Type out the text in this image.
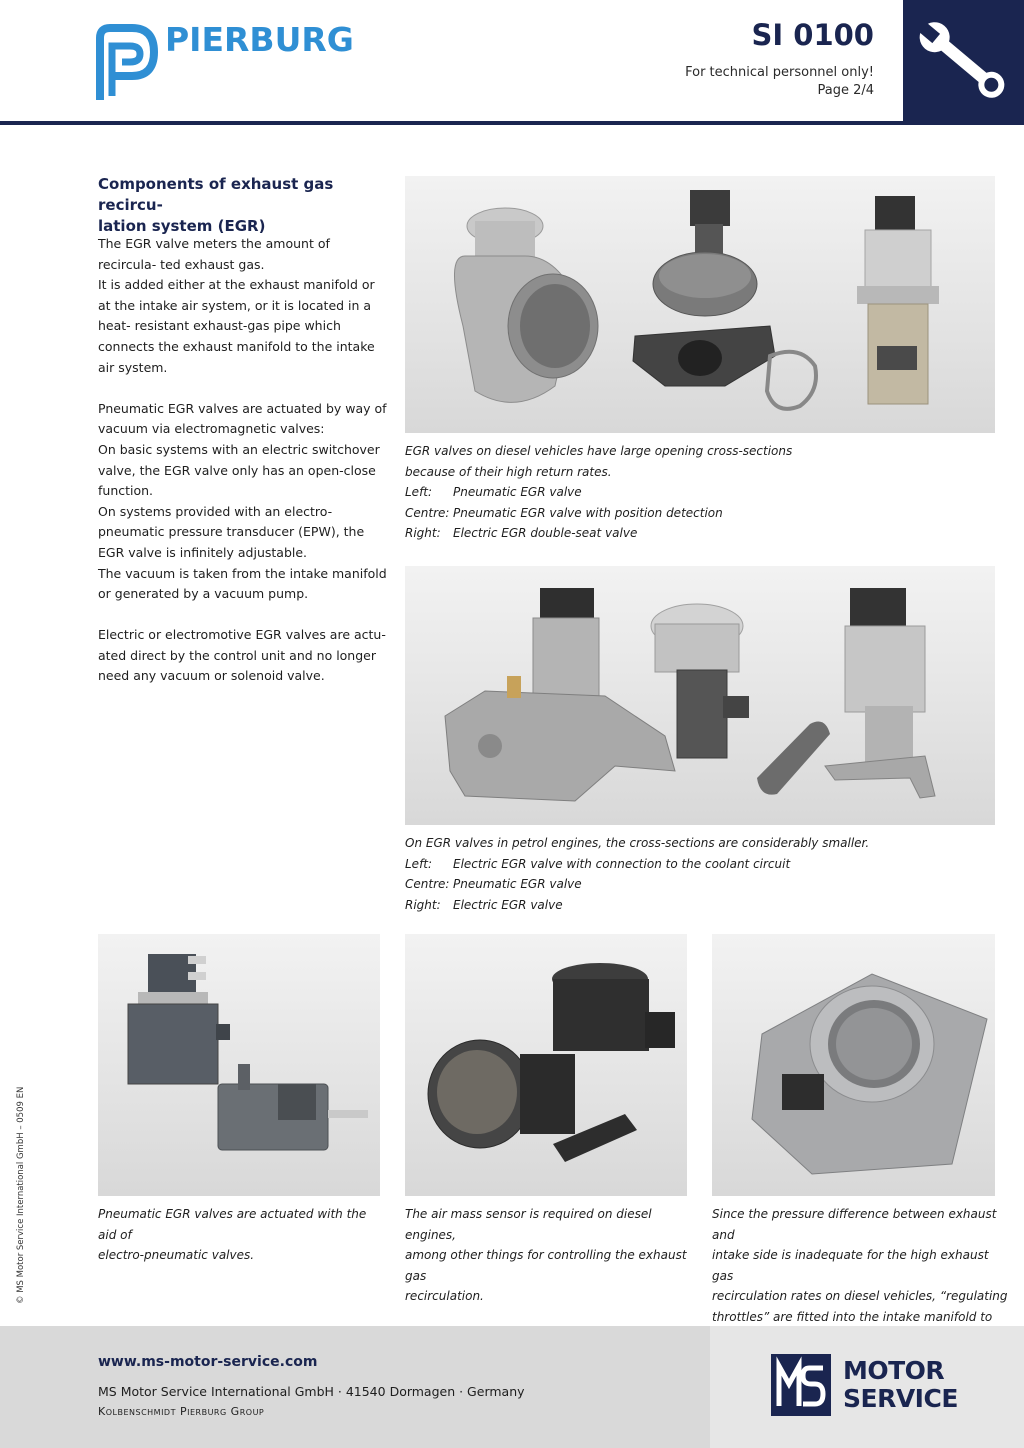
PIERBURG	SI 0100
For technical personnel only!
Page 2/4
Components of exhaust gas recircu-
lation system (EGR)

The EGR valve meters the amount of recircula- ted exhaust gas.
It is added either at the exhaust manifold or at the intake air system, or it is located in a heat- resistant exhaust-gas pipe which connects the exhaust manifold to the intake air system.

Pneumatic EGR valves are actuated by way of vacuum via electromagnetic valves:
On basic systems with an electric switchover valve, the EGR valve only has an open-close function.
On systems provided with an electro-pneumatic pressure transducer (EPW), the EGR valve is infinitely adjustable.
The vacuum is taken from the intake manifold or generated by a vacuum pump.

Electric or electromotive EGR valves are actu- ated direct by the control unit and no longer need any vacuum or solenoid valve.

EGR valves on diesel vehicles have large opening cross-sections
because of their high return rates.
Left:	Pneumatic EGR valve
Centre: Pneumatic EGR valve with position detection
Right:	Electric EGR double-seat valve
On EGR valves in petrol engines, the cross-sections are considerably smaller.
Left:	Electric EGR valve with connection to the coolant circuit
Centre: Pneumatic EGR valve
Right:	Electric EGR valve
Pneumatic EGR valves are actuated with the aid of
electro-pneumatic valves.
The air mass sensor is required on diesel engines,
among other things for controlling the exhaust gas
recirculation.
Since the pressure difference between exhaust and
intake side is inadequate for the high exhaust gas
recirculation rates on diesel vehicles, “regulating
throttles” are fitted into the intake manifold to
© MS Motor Service International GmbH – 0509 EN
www.ms-motor-service.com
MS Motor Service International GmbH · 41540 Dormagen · Germany
Kolbenschmidt Pierburg Group
MOTOR
SERVICE
